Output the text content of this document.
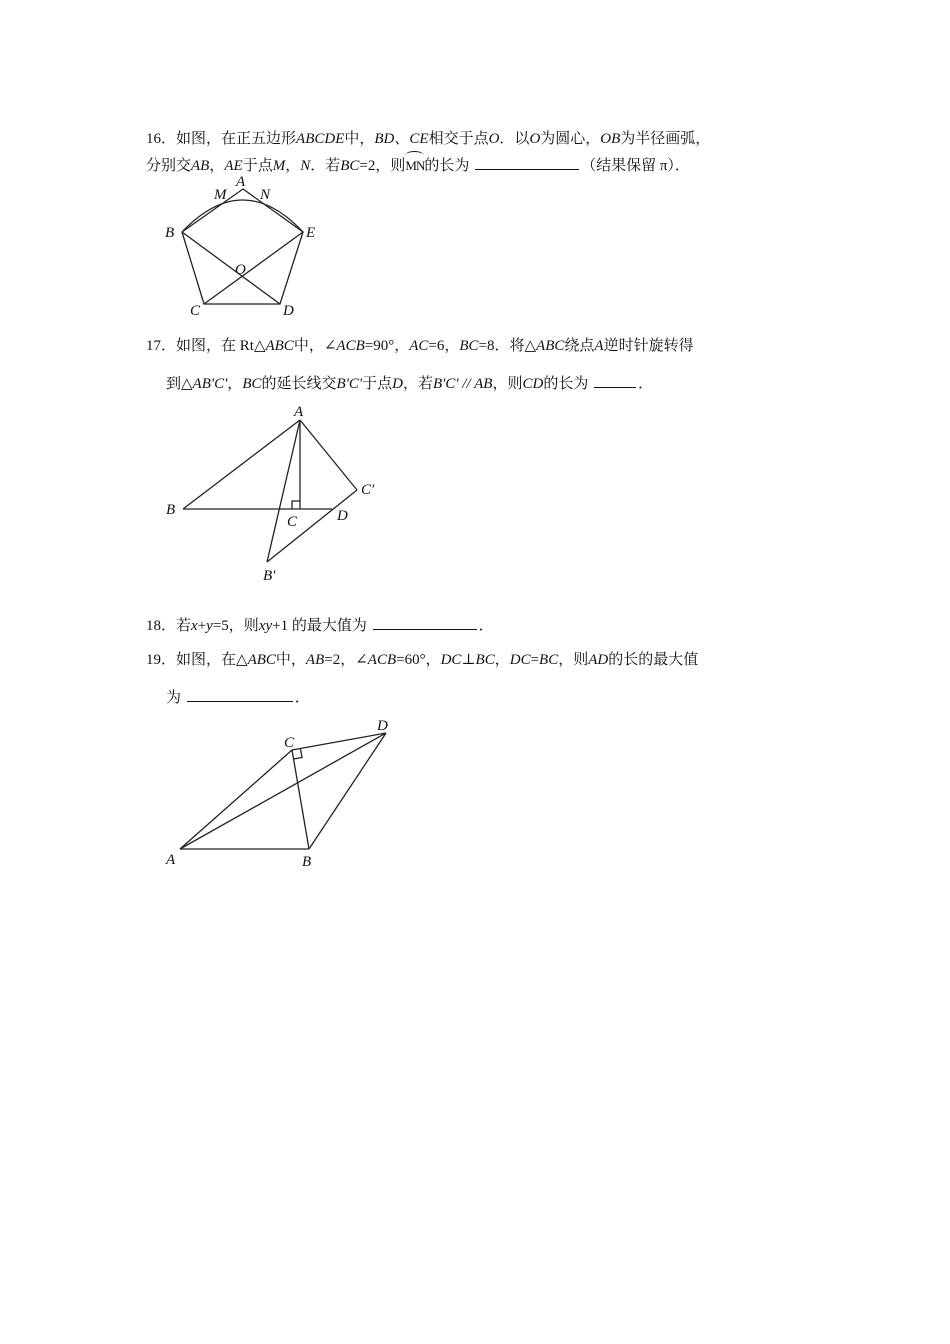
16．如图，在正五边形ABCDE中，BD、CE相交于点O．以O为圆心，OB为半径画弧，
分别交AB，AE于点M，N．若BC=2，则MN的长为	（结果保留 π）．
B
A
M N
E
O
C	D
A
B
C	D
C′
B′
C
D
A	B
17．如图，在 Rt△ABC中，∠ACB=90°，AC=6，BC=8．将△ABC绕点A逆时针旋转得
到△AB'C'，BC的延长线交B'C'于点D，若B'C' // AB，则CD的长为	．
18．若x+y=5，则xy+1 的最大值为	．
19．如图，在△ABC中，AB=2，∠ACB=60°，DC⊥BC，DC=BC，则AD的长的最大值
为	．
